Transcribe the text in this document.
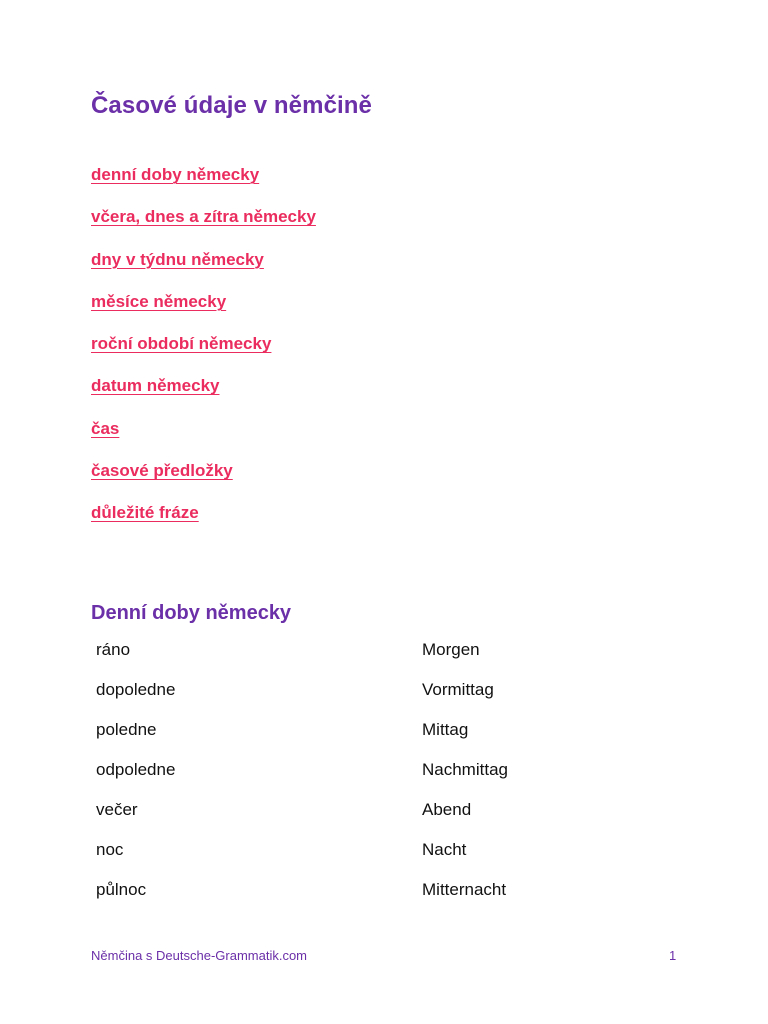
Časové údaje v němčině
denní doby německy
včera, dnes a zítra německy
dny v týdnu německy
měsíce německy
roční období německy
datum německy
čas
časové předložky
důležité fráze
Denní doby německy
ráno	Morgen
dopoledne	Vormittag
poledne	Mittag
odpoledne	Nachmittag
večer	Abend
noc	Nacht
půlnoc	Mitternacht
Němčina s Deutsche-Grammatik.com	1
